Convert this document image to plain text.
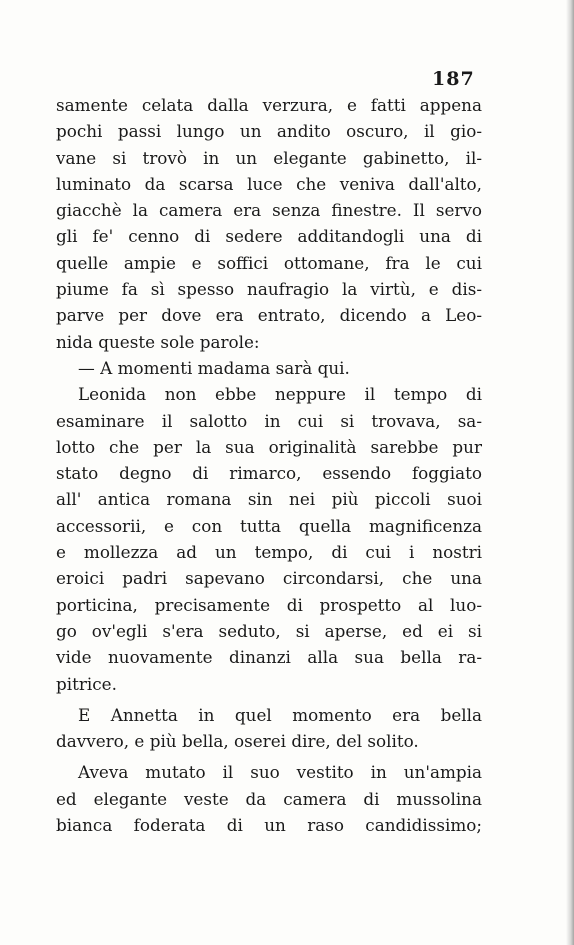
187
samente celata dalla verzura, e fatti appena
pochi passi lungo un andito oscuro, il gio-
vane si trovò in un elegante gabinetto, il-
luminato da scarsa luce che veniva dall'alto,
giacchè la camera era senza finestre. Il servo
gli fe' cenno di sedere additandogli una di
quelle ampie e soffici ottomane, fra le cui
piume fa sì spesso naufragio la virtù, e dis-
parve per dove era entrato, dicendo a Leo-
nida queste sole parole:
— A momenti madama sarà qui.
Leonida non ebbe neppure il tempo di
esaminare il salotto in cui si trovava, sa-
lotto che per la sua originalità sarebbe pur
stato degno di rimarco, essendo foggiato
all' antica romana sin nei più piccoli suoi
accessorii, e con tutta quella magnificenza
e mollezza ad un tempo, di cui i nostri
eroici padri sapevano circondarsi, che una
porticina, precisamente di prospetto al luo-
go ov'egli s'era seduto, si aperse, ed ei si
vide nuovamente dinanzi alla sua bella ra-
pitrice.
E Annetta in quel momento era bella
davvero, e più bella, oserei dire, del solito.
Aveva mutato il suo vestito in un'ampia
ed elegante veste da camera di mussolina
bianca foderata di un raso candidissimo;
